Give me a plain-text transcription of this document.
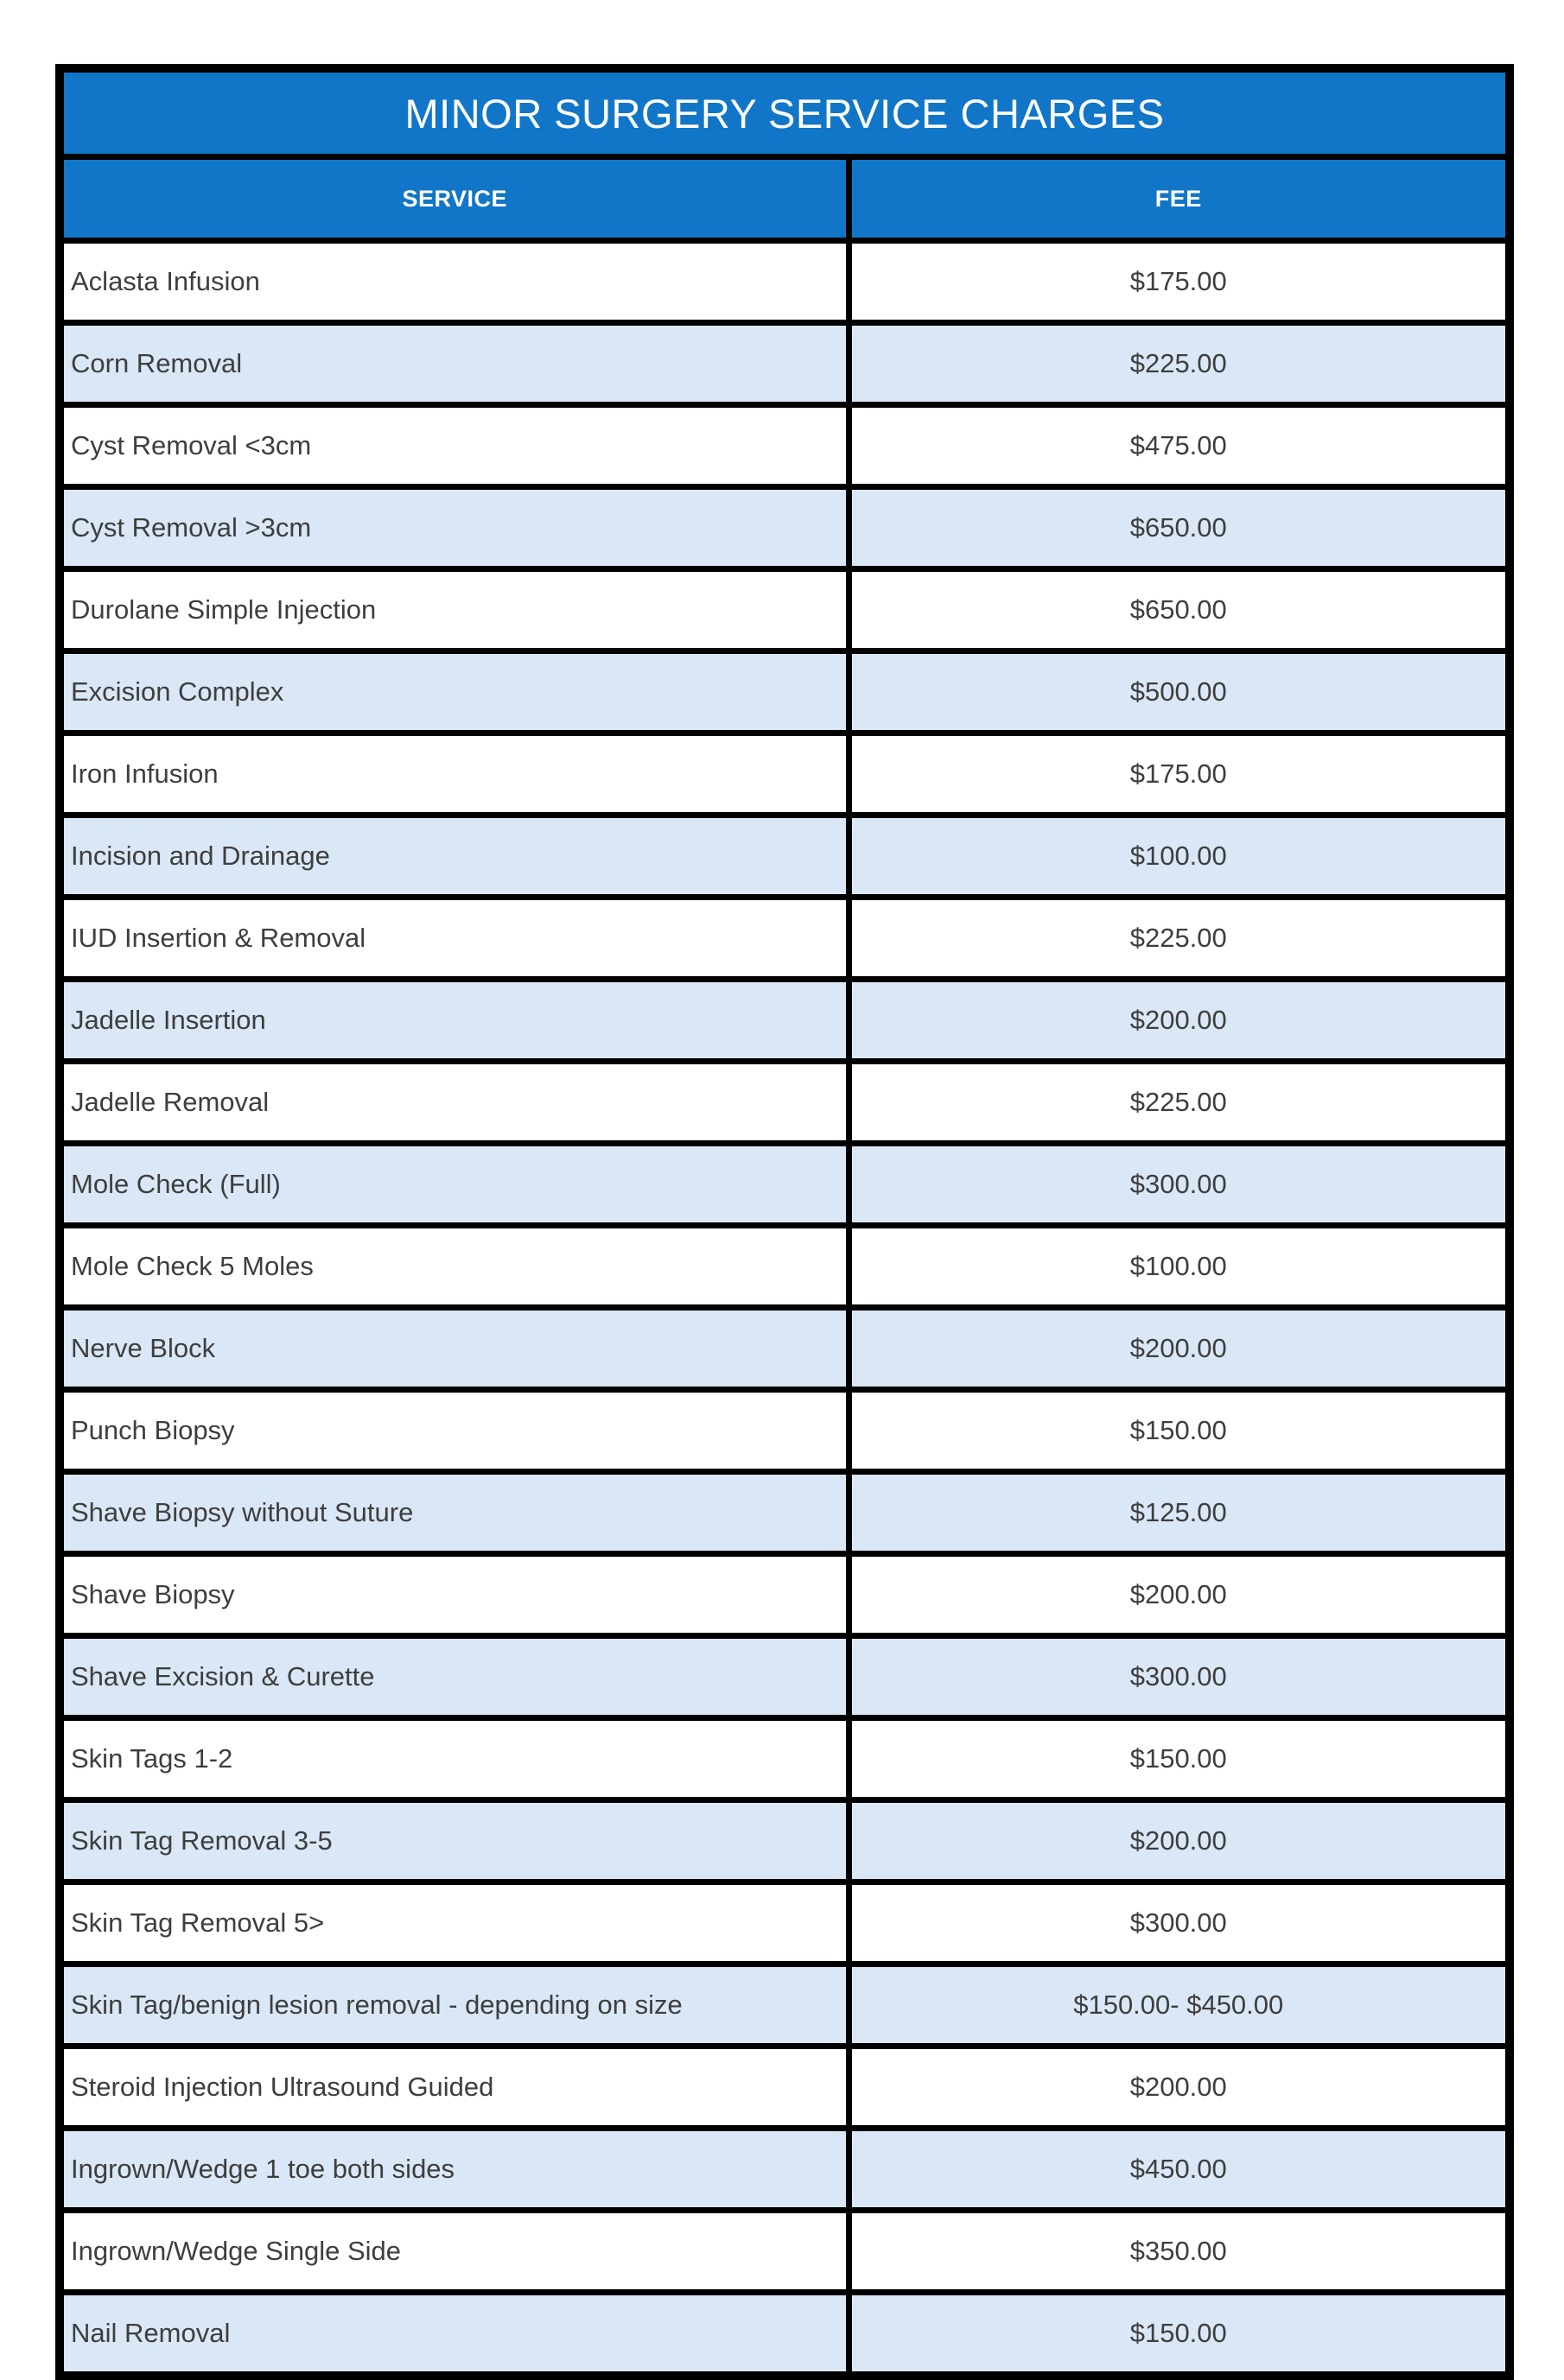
MINOR SURGERY SERVICE CHARGES	
SERVICE	FEE
Aclasta Infusion	$175.00
Corn Removal	$225.00
Cyst Removal <3cm	$475.00
Cyst Removal >3cm	$650.00
Durolane Simple Injection	$650.00
Excision Complex	$500.00
Iron Infusion	$175.00
Incision and Drainage	$100.00
IUD Insertion & Removal	$225.00
Jadelle Insertion	$200.00
Jadelle Removal	$225.00
Mole Check (Full)	$300.00
Mole Check 5 Moles	$100.00
Nerve Block	$200.00
Punch Biopsy	$150.00
Shave Biopsy without Suture	$125.00
Shave Biopsy	$200.00
Shave Excision & Curette	$300.00
Skin Tags 1-2	$150.00
Skin Tag Removal 3-5	$200.00
Skin Tag Removal 5>	$300.00
Skin Tag/benign lesion removal - depending on size	$150.00- $450.00
Steroid Injection Ultrasound Guided	$200.00
Ingrown/Wedge 1 toe both sides	$450.00
Ingrown/Wedge Single Side	$350.00
Nail Removal	$150.00
